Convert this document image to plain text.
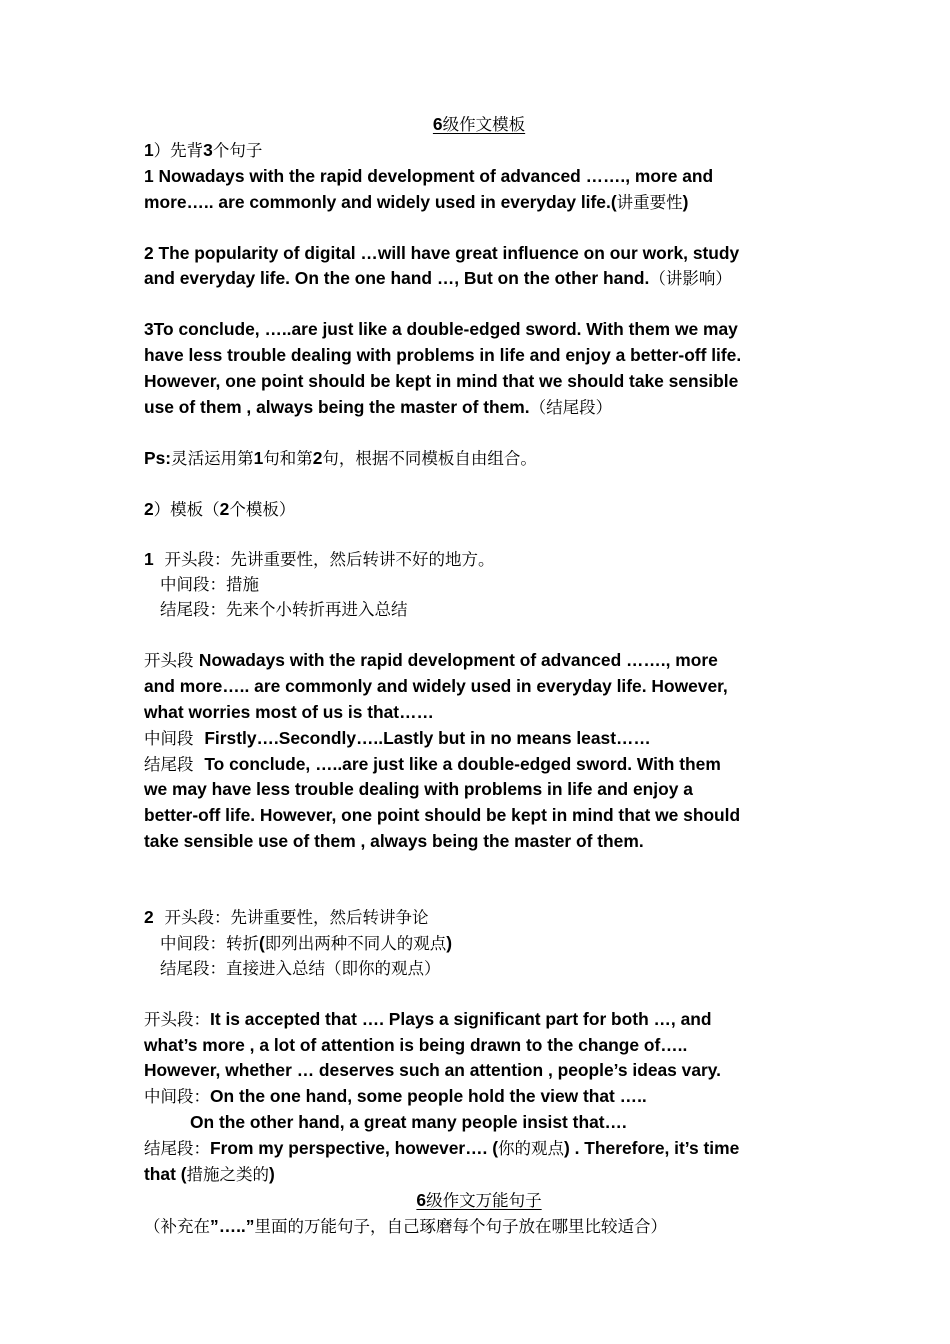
6级作文模板

1）先背3个句子

1 Nowadays with the rapid development of advanced ……., more and
more….. are commonly and widely used in everyday life.(讲重要性)

2 The popularity of digital …will have great influence on our work, study
and everyday life. On the one hand …, But on the other hand.（讲影响）

3To conclude, …..are just like a double-edged sword. With them we may
have less trouble dealing with problems in life and enjoy a better-off life.
However, one point should be kept in mind that we should take sensible
use of them , always being the master of them.（结尾段）

Ps:灵活运用第1句和第2句，根据不同模板自由组合。

2）模板（2个模板）

1 开头段：先讲重要性，然后转讲不好的地方。

中间段：措施

结尾段：先来个小转折再进入总结

开头段 Nowadays with the rapid development of advanced ……., more
and more….. are commonly and widely used in everyday life. However,
what worries most of us is that……

中间段 Firstly….Secondly…..Lastly but in no means least……

结尾段 To conclude, …..are just like a double-edged sword. With them
we may have less trouble dealing with problems in life and enjoy a
better-off life. However, one point should be kept in mind that we should
take sensible use of them , always being the master of them.

2 开头段：先讲重要性，然后转讲争论

中间段：转折(即列出两种不同人的观点)

结尾段：直接进入总结（即你的观点）

开头段：It is accepted that …. Plays a significant part for both …, and
what’s more , a lot of attention is being drawn to the change of…..
However, whether … deserves such an attention , people’s ideas vary.

中间段：On the one hand, some people hold the view that …..

On the other hand, a great many people insist that….

结尾段：From my perspective, however…. (你的观点) . Therefore, it’s time
that (措施之类的)

6级作文万能句子

（补充在”…..”里面的万能句子，自己琢磨每个句子放在哪里比较适合）
